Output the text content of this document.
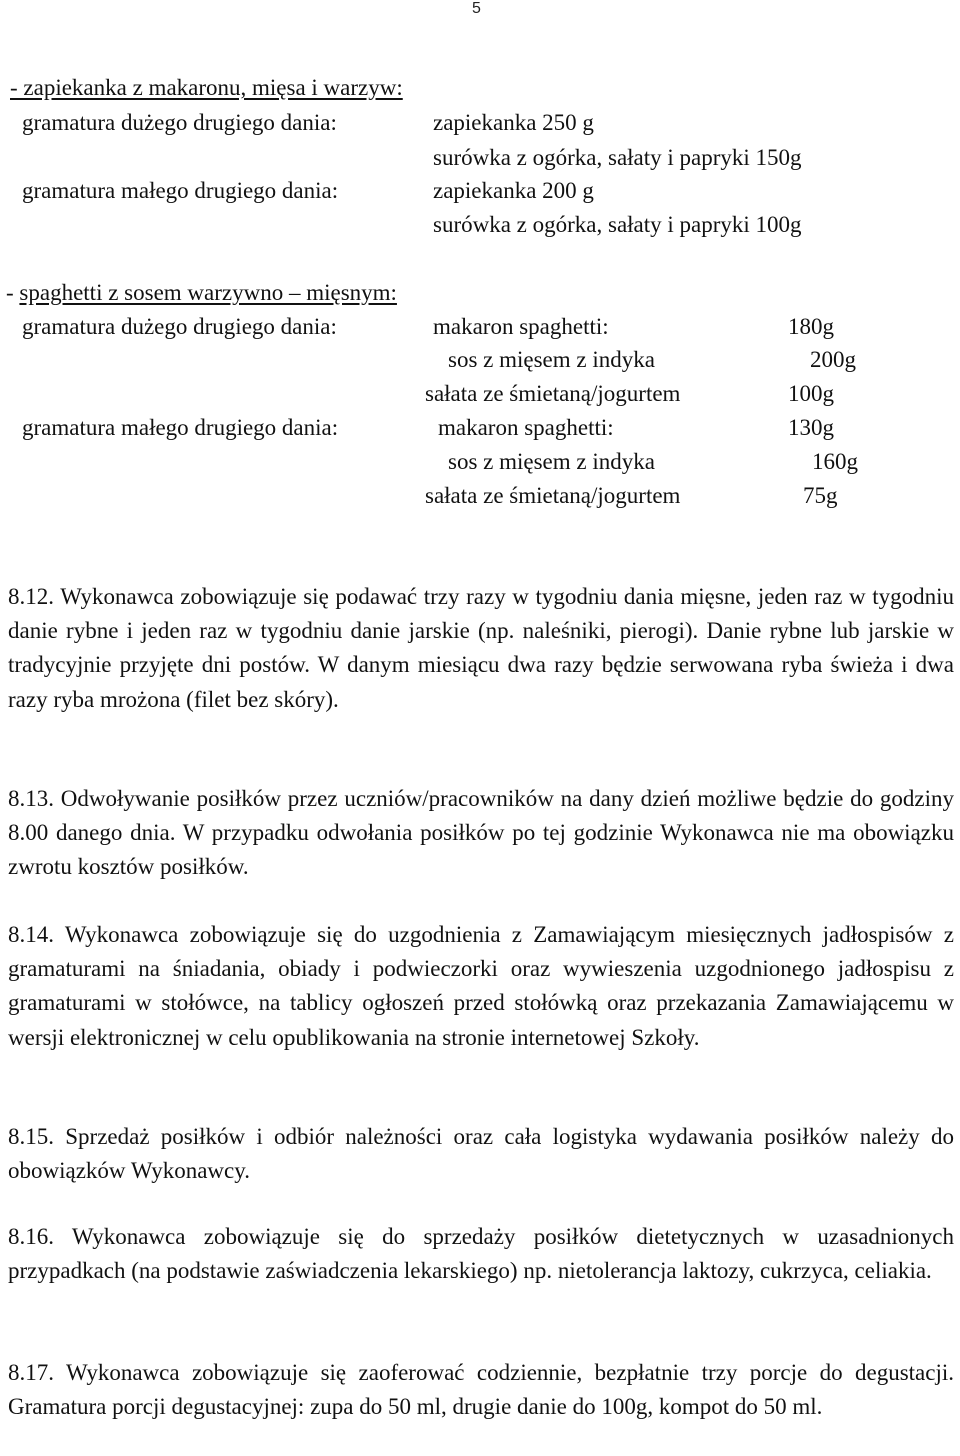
5
- zapiekanka z makaronu, mięsa i warzyw:
gramatura dużego drugiego dania:	zapiekanka 250 g
surówka z ogórka, sałaty i papryki 150g
gramatura małego drugiego dania:	zapiekanka 200 g
surówka z ogórka, sałaty i papryki 100g
- spaghetti z sosem warzywno – mięsnym:
gramatura dużego drugiego dania:	makaron spaghetti:	180g
sos z mięsem z indyka	200g
sałata ze śmietaną/jogurtem	100g
gramatura małego drugiego dania:	makaron spaghetti:	130g
sos z mięsem z indyka	160g
sałata ze śmietaną/jogurtem	75g
8.12. Wykonawca zobowiązuje się podawać trzy razy w tygodniu dania mięsne, jeden raz w tygodniu danie rybne i jeden raz w tygodniu danie jarskie (np. naleśniki, pierogi). Danie rybne lub jarskie w tradycyjnie przyjęte dni postów. W danym miesiącu dwa razy będzie serwowana ryba świeża i dwa razy ryba mrożona (filet bez skóry).
8.13. Odwoływanie posiłków przez uczniów/pracowników na dany dzień możliwe będzie do godziny 8.00 danego dnia. W przypadku odwołania posiłków po tej godzinie Wykonawca nie ma obowiązku zwrotu kosztów posiłków.
8.14. Wykonawca zobowiązuje się do uzgodnienia z Zamawiającym miesięcznych jadłospisów z gramaturami na śniadania, obiady i podwieczorki oraz wywieszenia uzgodnionego jadłospisu z gramaturami w stołówce, na tablicy ogłoszeń przed stołówką oraz przekazania Zamawiającemu w wersji elektronicznej w celu opublikowania na stronie internetowej Szkoły.
8.15. Sprzedaż posiłków i odbiór należności oraz cała logistyka wydawania posiłków należy do obowiązków Wykonawcy.
8.16. Wykonawca zobowiązuje się do sprzedaży posiłków dietetycznych w uzasadnionych przypadkach (na podstawie zaświadczenia lekarskiego) np. nietolerancja laktozy, cukrzyca, celiakia.
8.17. Wykonawca zobowiązuje się zaoferować codziennie, bezpłatnie trzy porcje do degustacji. Gramatura porcji degustacyjnej: zupa do 50 ml, drugie danie do 100g, kompot do 50 ml.
